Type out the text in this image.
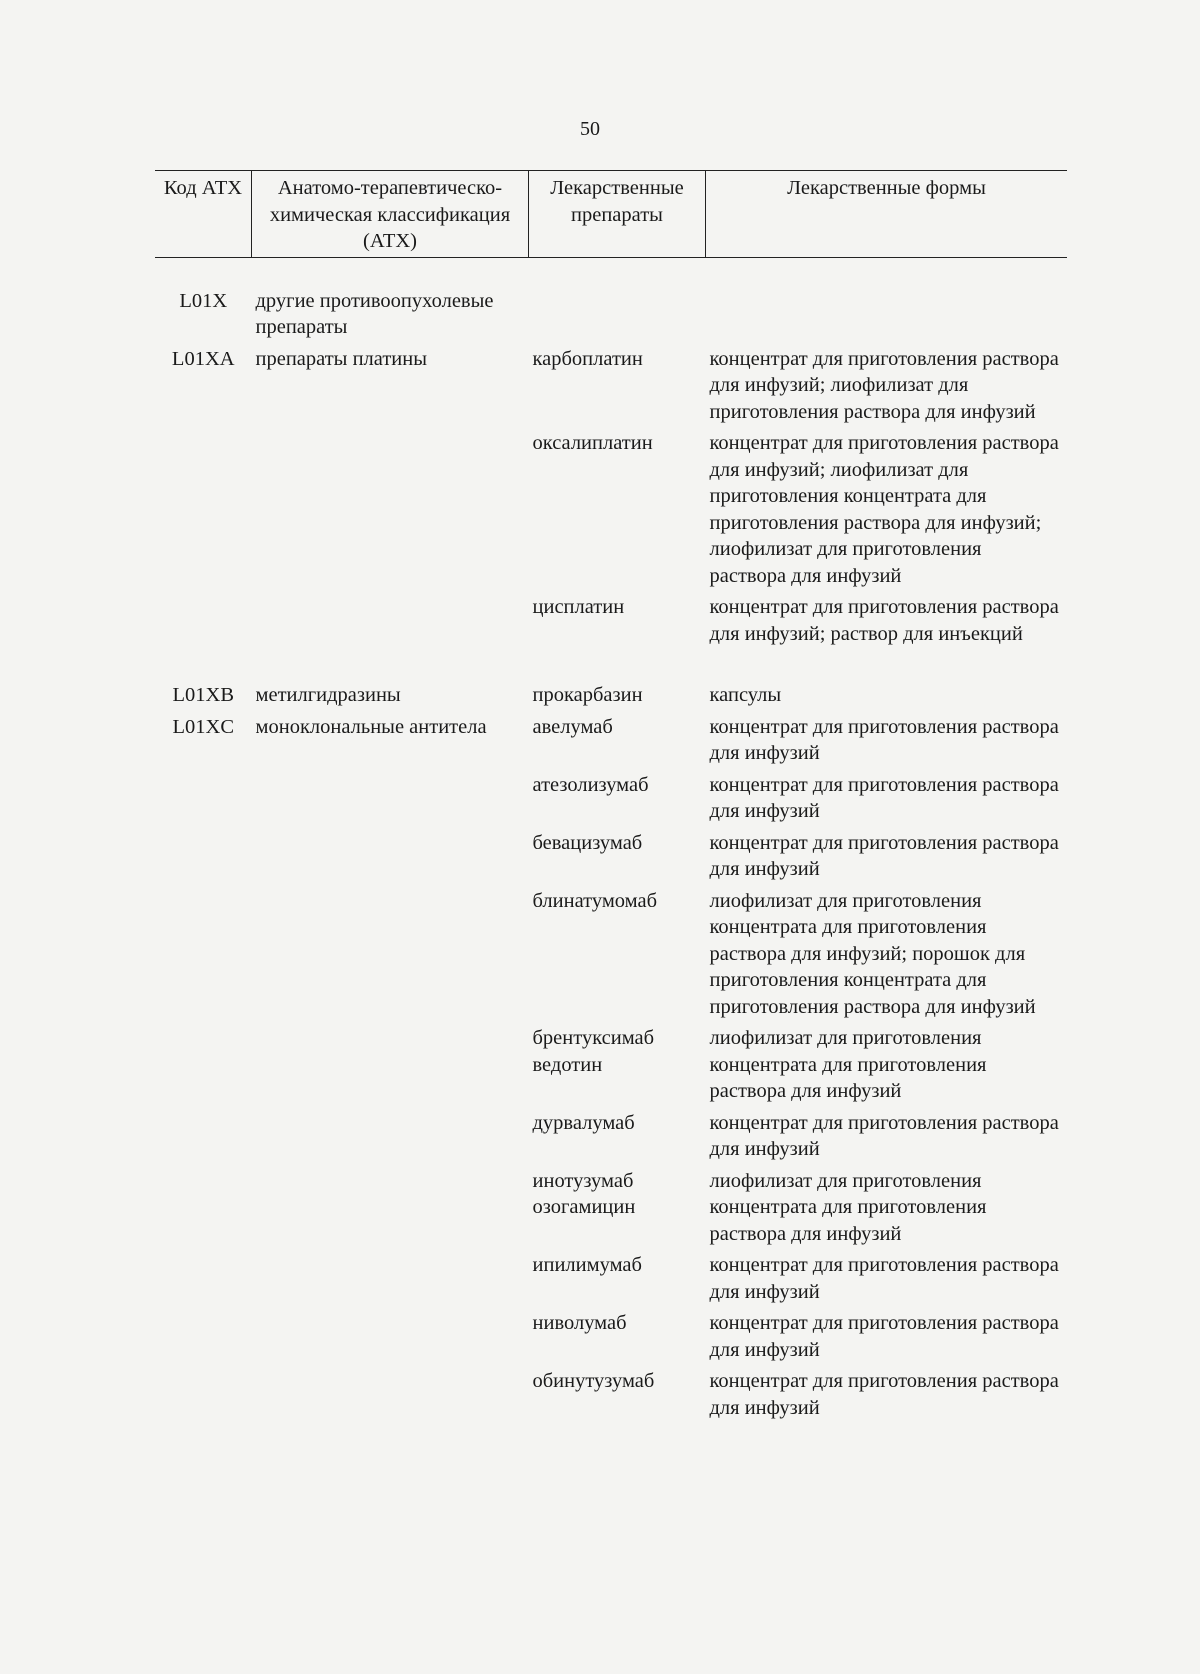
50
Код АТХ	Анатомо-терапевтическо-химическая классификация (АТХ)	Лекарственные препараты	Лекарственные формы

L01X	другие противоопухолевые препараты		
L01XA	препараты платины	карбоплатин	концентрат для приготовления раствора для инфузий; лиофилизат для приготовления раствора для инфузий
		оксалиплатин	концентрат для приготовления раствора для инфузий; лиофилизат для приготовления концентрата для приготовления раствора для инфузий; лиофилизат для приготовления раствора для инфузий
		цисплатин	концентрат для приготовления раствора для инфузий; раствор для инъекций
L01XB	метилгидразины	прокарбазин	капсулы
L01XC	моноклональные антитела	авелумаб	концентрат для приготовления раствора для инфузий
		атезолизумаб	концентрат для приготовления раствора для инфузий
		бевацизумаб	концентрат для приготовления раствора для инфузий
		блинатумомаб	лиофилизат для приготовления концентрата для приготовления раствора для инфузий; порошок для приготовления концентрата для приготовления раствора для инфузий
		брентуксимаб ведотин	лиофилизат для приготовления концентрата для приготовления раствора для инфузий
		дурвалумаб	концентрат для приготовления раствора для инфузий
		инотузумаб озогамицин	лиофилизат для приготовления концентрата для приготовления раствора для инфузий
		ипилимумаб	концентрат для приготовления раствора для инфузий
		ниволумаб	концентрат для приготовления раствора для инфузий
		обинутузумаб	концентрат для приготовления раствора для инфузий
